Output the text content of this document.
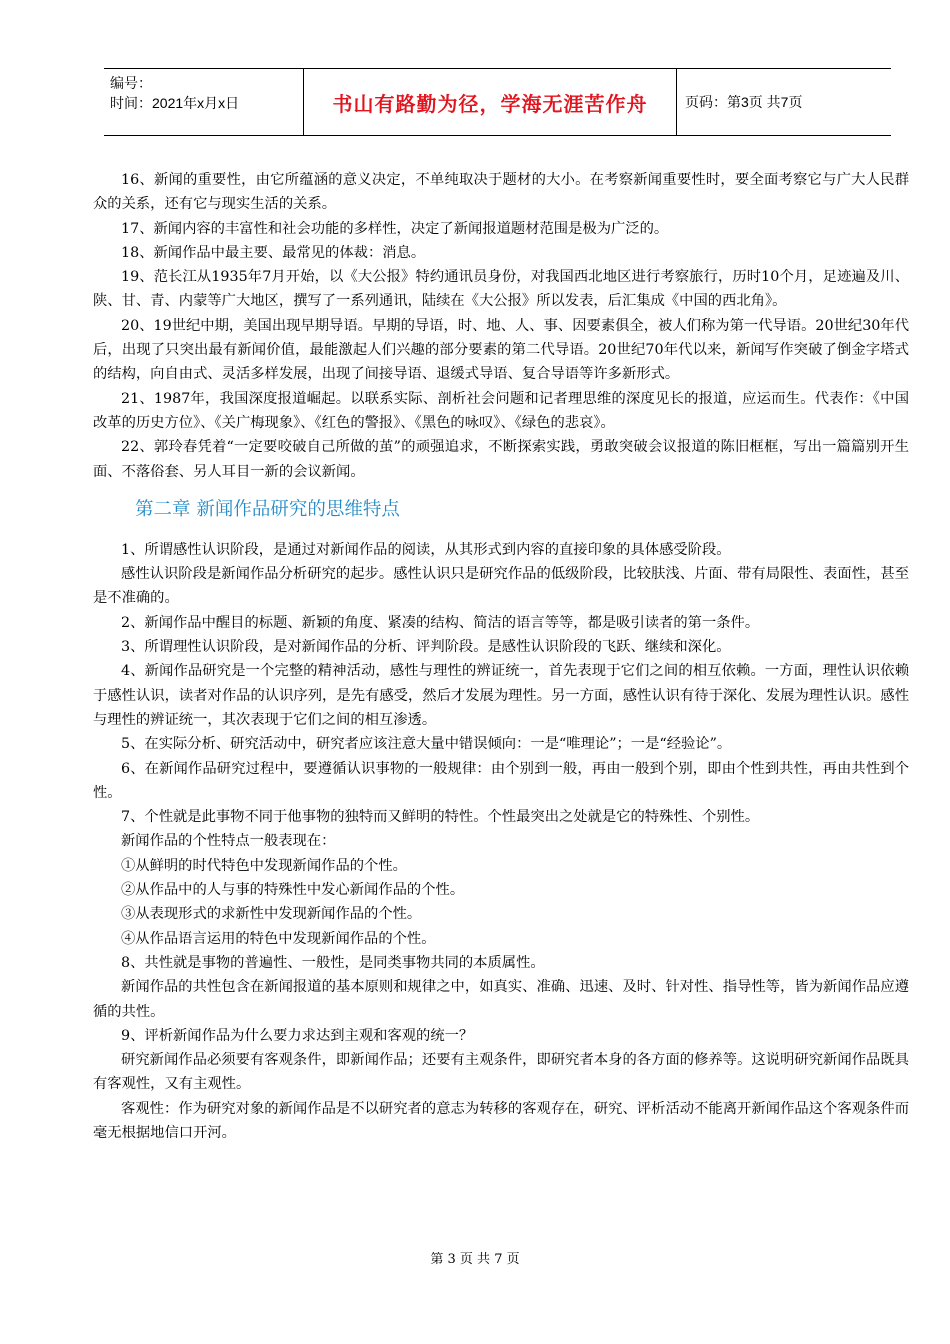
编号：
时间：2021年x月x日	书山有路勤为径，学海无涯苦作舟	页码：第3页 共7页

16、新闻的重要性，由它所蕴涵的意义决定，不单纯取决于题材的大小。在考察新闻重要性时，要全面考察它与广大人民群众的关系，还有它与现实生活的关系。

17、新闻内容的丰富性和社会功能的多样性，决定了新闻报道题材范围是极为广泛的。

18、新闻作品中最主要、最常见的体裁：消息。

19、范长江从1935年7月开始，以《大公报》特约通讯员身份，对我国西北地区进行考察旅行，历时10个月，足迹遍及川、陕、甘、青、内蒙等广大地区，撰写了一系列通讯，陆续在《大公报》所以发表，后汇集成《中国的西北角》。

20、19世纪中期，美国出现早期导语。早期的导语，时、地、人、事、因要素俱全，被人们称为第一代导语。20世纪30年代后，出现了只突出最有新闻价值，最能激起人们兴趣的部分要素的第二代导语。20世纪70年代以来，新闻写作突破了倒金字塔式的结构，向自由式、灵活多样发展，出现了间接导语、退缓式导语、复合导语等许多新形式。

21、1987年，我国深度报道崛起。以联系实际、剖析社会问题和记者理思维的深度见长的报道，应运而生。代表作：《中国改革的历史方位》、《关广梅现象》、《红色的警报》、《黑色的咏叹》、《绿色的悲哀》。

22、郭玲春凭着“一定要咬破自己所做的茧”的顽强追求，不断探索实践，勇敢突破会议报道的陈旧框框，写出一篇篇别开生面、不落俗套、另人耳目一新的会议新闻。

第二章 新闻作品研究的思维特点

1、所谓感性认识阶段，是通过对新闻作品的阅读，从其形式到内容的直接印象的具体感受阶段。

感性认识阶段是新闻作品分析研究的起步。感性认识只是研究作品的低级阶段，比较肤浅、片面、带有局限性、表面性，甚至是不准确的。

2、新闻作品中醒目的标题、新颖的角度、紧凑的结构、简洁的语言等等，都是吸引读者的第一条件。

3、所谓理性认识阶段，是对新闻作品的分析、评判阶段。是感性认识阶段的飞跃、继续和深化。

4、新闻作品研究是一个完整的精神活动，感性与理性的辨证统一，首先表现于它们之间的相互依赖。一方面，理性认识依赖于感性认识，读者对作品的认识序列，是先有感受，然后才发展为理性。另一方面，感性认识有待于深化、发展为理性认识。感性与理性的辨证统一，其次表现于它们之间的相互渗透。

5、在实际分析、研究活动中，研究者应该注意大量中错误倾向：一是“唯理论”；一是“经验论”。

6、在新闻作品研究过程中，要遵循认识事物的一般规律：由个别到一般，再由一般到个别，即由个性到共性，再由共性到个性。

7、个性就是此事物不同于他事物的独特而又鲜明的特性。个性最突出之处就是它的特殊性、个别性。

新闻作品的个性特点一般表现在：

①从鲜明的时代特色中发现新闻作品的个性。

②从作品中的人与事的特殊性中发心新闻作品的个性。

③从表现形式的求新性中发现新闻作品的个性。

④从作品语言运用的特色中发现新闻作品的个性。

8、共性就是事物的普遍性、一般性，是同类事物共同的本质属性。

新闻作品的共性包含在新闻报道的基本原则和规律之中，如真实、准确、迅速、及时、针对性、指导性等，皆为新闻作品应遵循的共性。

9、评析新闻作品为什么要力求达到主观和客观的统一？

研究新闻作品必须要有客观条件，即新闻作品；还要有主观条件，即研究者本身的各方面的修养等。这说明研究新闻作品既具有客观性，又有主观性。

客观性：作为研究对象的新闻作品是不以研究者的意志为转移的客观存在，研究、评析活动不能离开新闻作品这个客观条件而毫无根据地信口开河。

第 3 页 共 7 页
